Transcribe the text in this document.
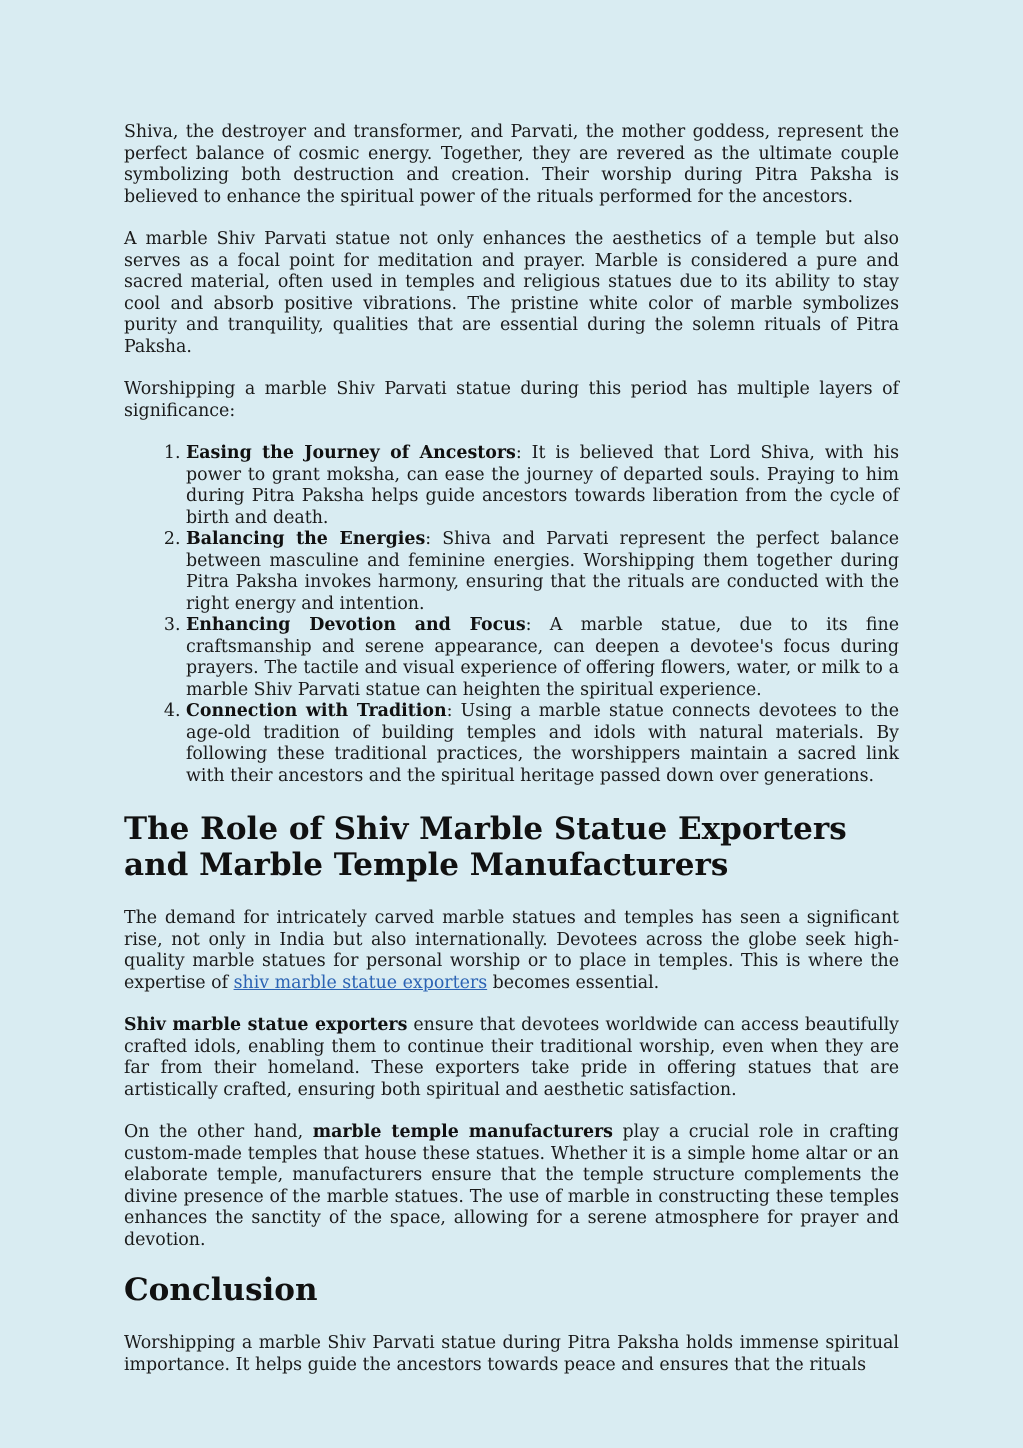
Shiva, the destroyer and transformer, and Parvati, the mother goddess, represent the perfect balance of cosmic energy. Together, they are revered as the ultimate couple symbolizing both destruction and creation. Their worship during Pitra Paksha is believed to enhance the spiritual power of the rituals performed for the ancestors.

A marble Shiv Parvati statue not only enhances the aesthetics of a temple but also serves as a focal point for meditation and prayer. Marble is considered a pure and sacred material, often used in temples and religious statues due to its ability to stay cool and absorb positive vibrations. The pristine white color of marble symbolizes purity and tranquility, qualities that are essential during the solemn rituals of Pitra Paksha.

Worshipping a marble Shiv Parvati statue during this period has multiple layers of significance:

1. Easing the Journey of Ancestors: It is believed that Lord Shiva, with his power to grant moksha, can ease the journey of departed souls. Praying to him during Pitra Paksha helps guide ancestors towards liberation from the cycle of birth and death.
2. Balancing the Energies: Shiva and Parvati represent the perfect balance between masculine and feminine energies. Worshipping them together during Pitra Paksha invokes harmony, ensuring that the rituals are conducted with the right energy and intention.
3. Enhancing Devotion and Focus: A marble statue, due to its fine craftsmanship and serene appearance, can deepen a devotee's focus during prayers. The tactile and visual experience of offering flowers, water, or milk to a marble Shiv Parvati statue can heighten the spiritual experience.
4. Connection with Tradition: Using a marble statue connects devotees to the age-old tradition of building temples and idols with natural materials. By following these traditional practices, the worshippers maintain a sacred link with their ancestors and the spiritual heritage passed down over generations.
The Role of Shiv Marble Statue Exporters and Marble Temple Manufacturers

The demand for intricately carved marble statues and temples has seen a significant rise, not only in India but also internationally. Devotees across the globe seek high-quality marble statues for personal worship or to place in temples. This is where the expertise of shiv marble statue exporters becomes essential.

Shiv marble statue exporters ensure that devotees worldwide can access beautifully crafted idols, enabling them to continue their traditional worship, even when they are far from their homeland. These exporters take pride in offering statues that are artistically crafted, ensuring both spiritual and aesthetic satisfaction.

On the other hand, marble temple manufacturers play a crucial role in crafting custom-made temples that house these statues. Whether it is a simple home altar or an elaborate temple, manufacturers ensure that the temple structure complements the divine presence of the marble statues. The use of marble in constructing these temples enhances the sanctity of the space, allowing for a serene atmosphere for prayer and devotion.

Conclusion

Worshipping a marble Shiv Parvati statue during Pitra Paksha holds immense spiritual importance. It helps guide the ancestors towards peace and ensures that the rituals
